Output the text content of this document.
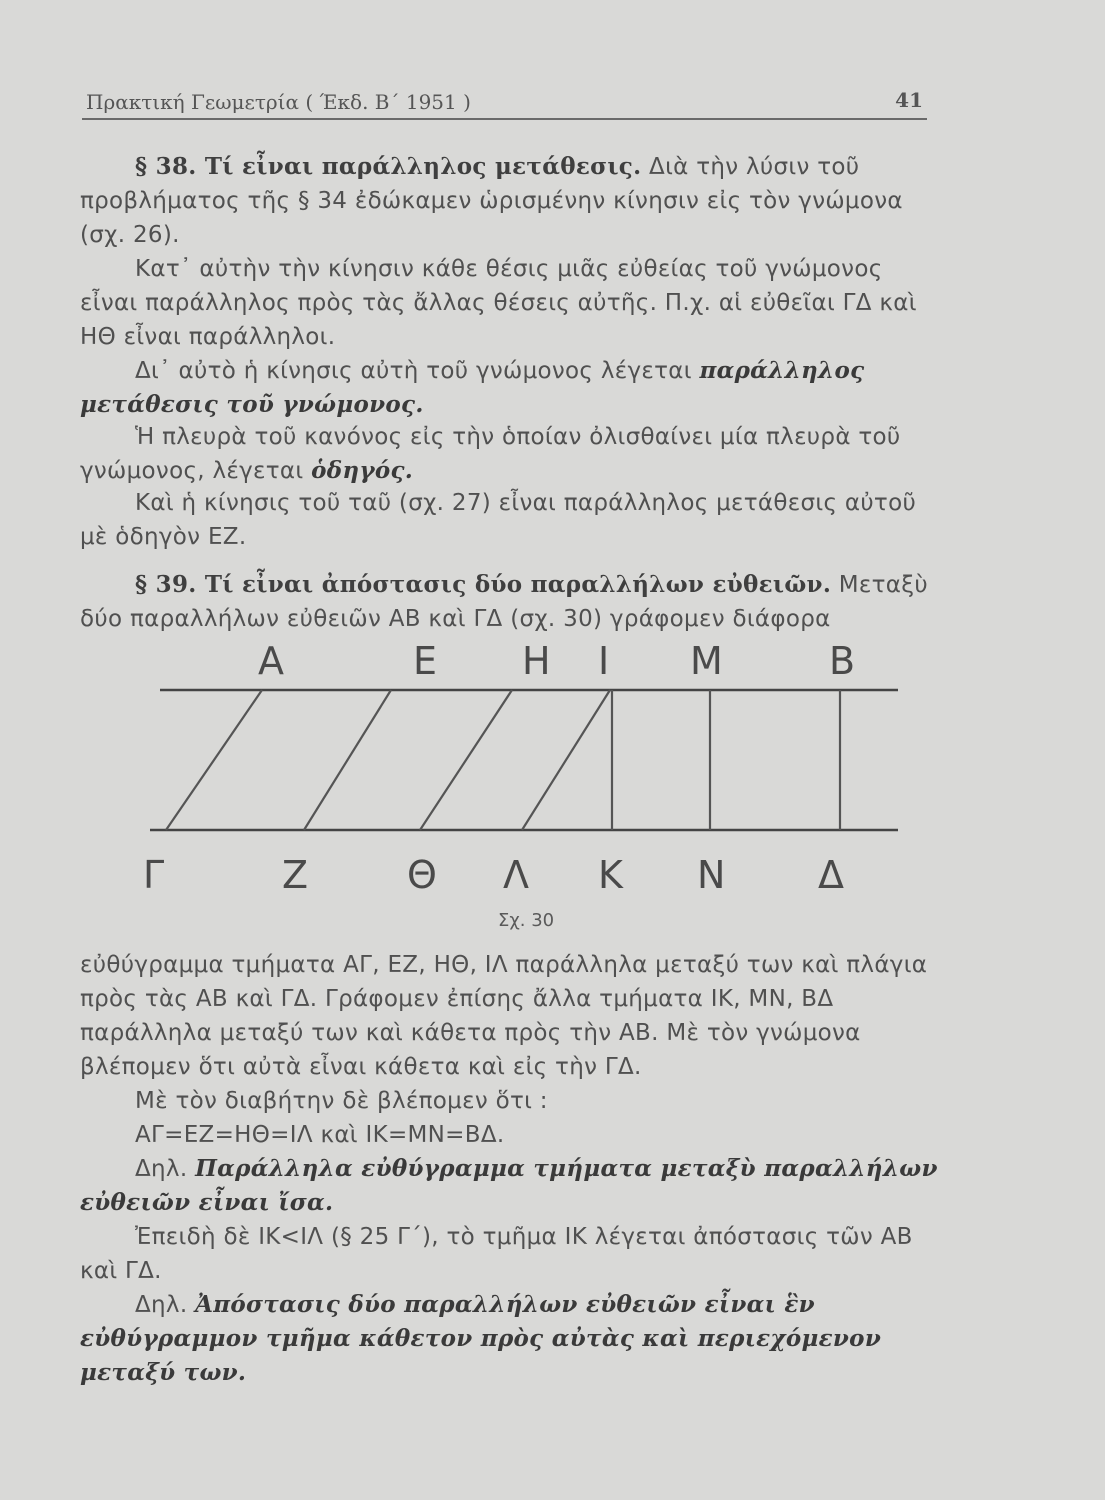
Πρακτική Γεωμετρία ( Έκδ. Β΄ 1951 )	41

§ 38. Τί εἶναι παράλληλος μετάθεσις. Διὰ τὴν λύσιν τοῦ προβλήματος τῆς § 34 ἐδώκαμεν ὡρισμένην κίνησιν εἰς τὸν γνώμονα (σχ. 26).

Κατ᾽ αὐτὴν τὴν κίνησιν κάθε θέσις μιᾶς εὐθείας τοῦ γνώμονος εἶναι παράλληλος πρὸς τὰς ἄλλας θέσεις αὐτῆς. Π.χ. αἱ εὐθεῖαι ΓΔ καὶ ΗΘ εἶναι παράλληλοι.

Δι᾽ αὐτὸ ἡ κίνησις αὐτὴ τοῦ γνώμονος λέγεται παράλληλος μετάθεσις τοῦ γνώμονος.

Ἡ πλευρὰ τοῦ κανόνος εἰς τὴν ὁποίαν ὀλισθαίνει μία πλευρὰ τοῦ γνώμονος, λέγεται ὁδηγός.

Καὶ ἡ κίνησις τοῦ ταῦ (σχ. 27) εἶναι παράλληλος μετάθεσις αὐτοῦ μὲ ὁδηγὸν ΕΖ.

§ 39. Τί εἶναι ἀπόστασις δύο παραλλήλων εὐθειῶν. Μεταξὺ δύο παραλλήλων εὐθειῶν ΑΒ καὶ ΓΔ (σχ. 30) γράφομεν διάφορα

Α	Ε Η Ι Μ	Β
Γ	Ζ	Θ Λ Κ Ν Δ
Σχ. 30

εὐθύγραμμα τμήματα ΑΓ, ΕΖ, ΗΘ, ΙΛ παράλληλα μεταξύ των καὶ πλάγια πρὸς τὰς ΑΒ καὶ ΓΔ. Γράφομεν ἐπίσης ἄλλα τμήματα ΙΚ, ΜΝ, ΒΔ παράλληλα μεταξύ των καὶ κάθετα πρὸς τὴν ΑΒ. Μὲ τὸν γνώμονα βλέπομεν ὅτι αὐτὰ εἶναι κάθετα καὶ εἰς τὴν ΓΔ.

Μὲ τὸν διαβήτην δὲ βλέπομεν ὅτι :

ΑΓ=ΕΖ=ΗΘ=ΙΛ καὶ ΙΚ=ΜΝ=ΒΔ.

Δηλ. Παράλληλα εὐθύγραμμα τμήματα μεταξὺ παραλλήλων εὐθειῶν εἶναι ἴσα.

Ἐπειδὴ δὲ ΙΚ<ΙΛ (§ 25 Γ΄), τὸ τμῆμα ΙΚ λέγεται ἀπόστασις τῶν ΑΒ καὶ ΓΔ.

Δηλ. Ἀπόστασις δύο παραλλήλων εὐθειῶν εἶναι ἓν εὐθύγραμμον τμῆμα κάθετον πρὸς αὐτὰς καὶ περιεχόμενον μεταξύ των.
